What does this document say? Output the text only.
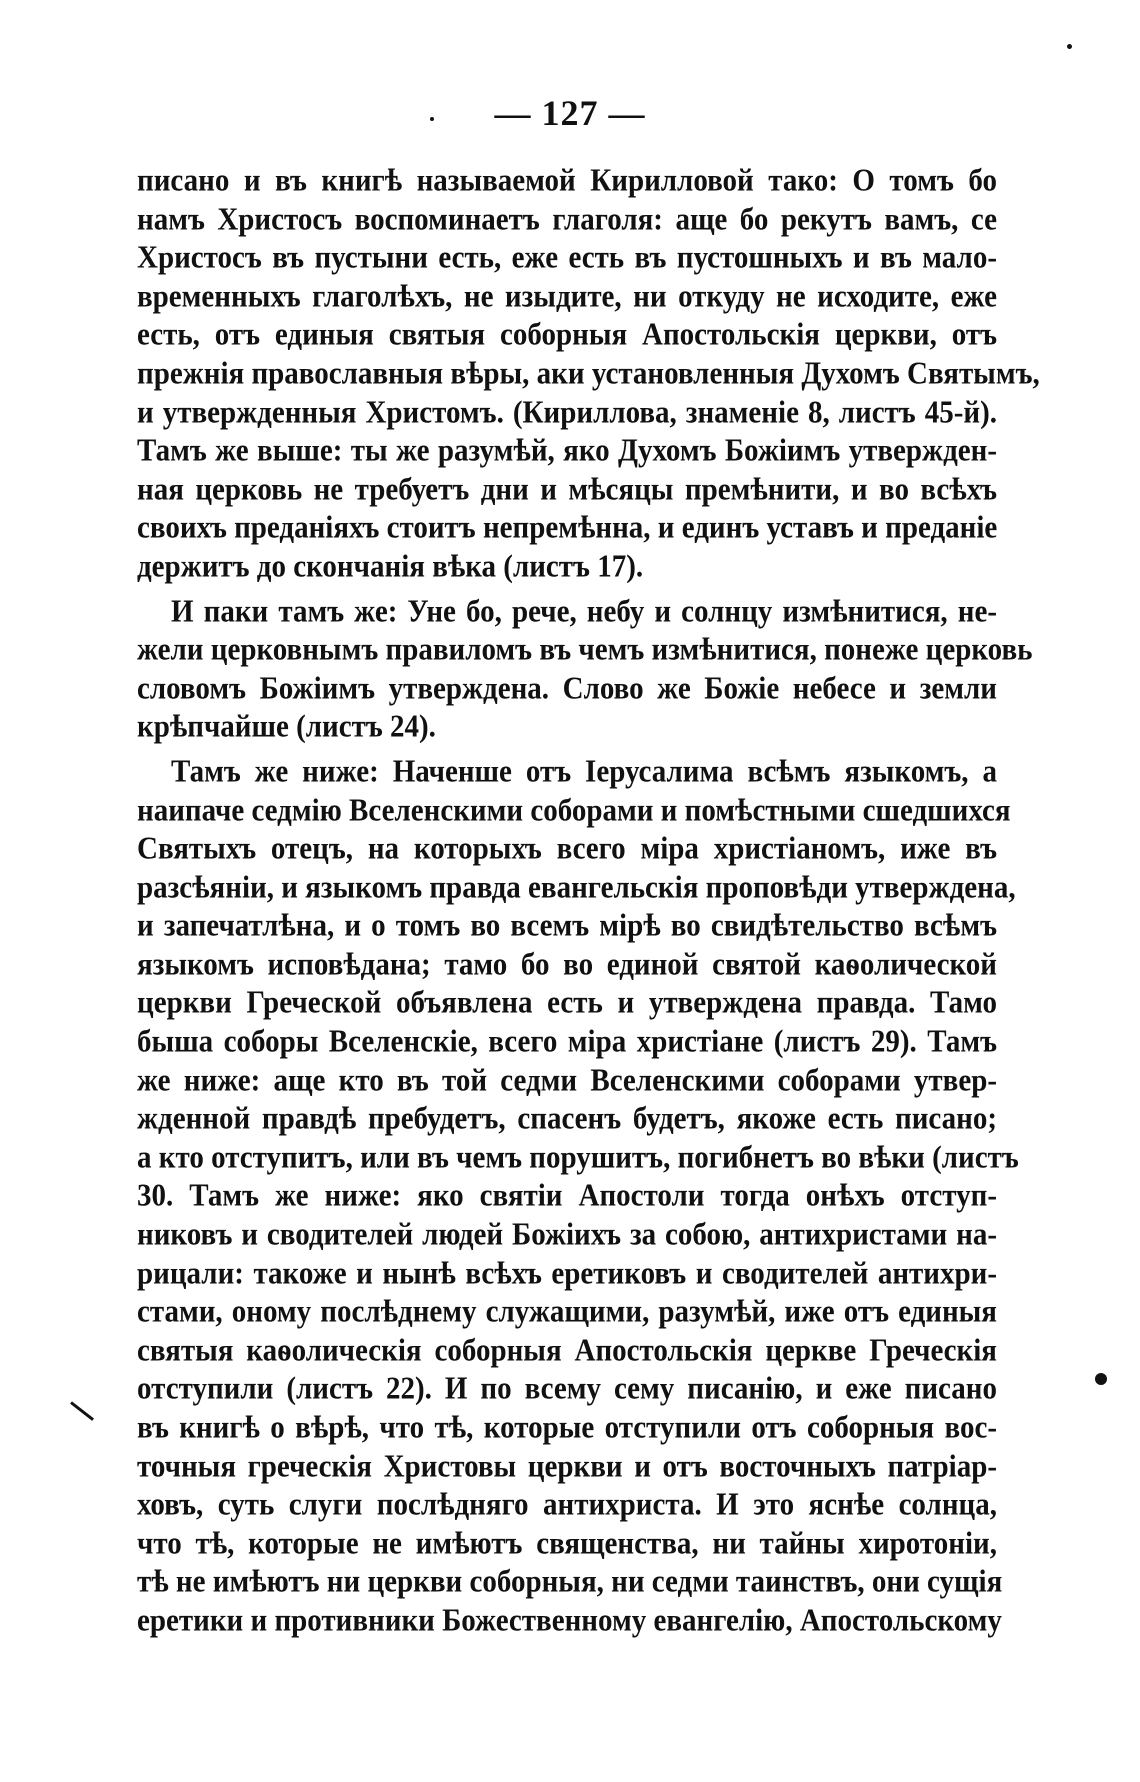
— 127 —
писано и въ книгѣ называемой Кирилловой тако: О томъ бо
намъ Христосъ воспоминаетъ глаголя: аще бо рекутъ вамъ, се
Христосъ въ пустыни есть, еже есть въ пустошныхъ и въ мало-
временныхъ глаголѣхъ, не изыдите, ни откуду не исходите, еже
есть, отъ единыя святыя соборныя Апостольскія церкви, отъ
прежнія православныя вѣры, аки установленныя Духомъ Святымъ,
и утвержденныя Христомъ. (Кириллова, знаменіе 8, листъ 45-й).
Тамъ же выше: ты же разумѣй, яко Духомъ Божіимъ утвержден-
ная церковь не требуетъ дни и мѣсяцы премѣнити, и во всѣхъ
своихъ преданіяхъ стоитъ непремѣнна, и единъ уставъ и преданіе
держитъ до скончанія вѣка (листъ 17).
И паки тамъ же: Уне бо, рече, небу и солнцу измѣнитися, не-
жели церковнымъ правиломъ въ чемъ измѣнитися, понеже церковь
словомъ Божіимъ утверждена. Слово же Божіе небесе и земли
крѣпчайше (листъ 24).
Тамъ же ниже: Наченше отъ Іерусалима всѣмъ языкомъ, а
наипаче седмію Вселенскими соборами и помѣстными сшедшихся
Святыхъ отецъ, на которыхъ всего міра христіаномъ, иже въ
разсѣяніи, и языкомъ правда евангельскія проповѣди утверждена,
и запечатлѣна, и о томъ во всемъ мірѣ во свидѣтельство всѣмъ
языкомъ исповѣдана; тамо бо во единой святой каѳолической
церкви Греческой объявлена есть и утверждена правда. Тамо
быша соборы Вселенскіе, всего міра христіане (листъ 29). Тамъ
же ниже: аще кто въ той седми Вселенскими соборами утвер-
жденной правдѣ пребудетъ, спасенъ будетъ, якоже есть писано;
а кто отступитъ, или въ чемъ порушитъ, погибнетъ во вѣки (листъ
30. Тамъ же ниже: яко святіи Апостоли тогда онѣхъ отступ-
никовъ и сводителей людей Божіихъ за собою, антихристами на-
рицали: такожe и нынѣ всѣхъ еретиковъ и сводителей антихри-
стами, оному послѣднему служащими, разумѣй, иже отъ единыя
святыя каѳолическія соборныя Апостольскія церкве Греческія
отступили (листъ 22). И по всему сему писанію, и еже писано
въ книгѣ о вѣрѣ, что тѣ, которые отступили отъ соборныя вос-
точныя греческія Христовы церкви и отъ восточныхъ патріар-
ховъ, суть слуги послѣдняго антихриста. И это яснѣе солнца,
что тѣ, которые не имѣютъ священства, ни тайны хиротоніи,
тѣ не имѣютъ ни церкви соборныя, ни седми таинствъ, они сущія
еретики и противники Божественному евангелію, Апостольскому
